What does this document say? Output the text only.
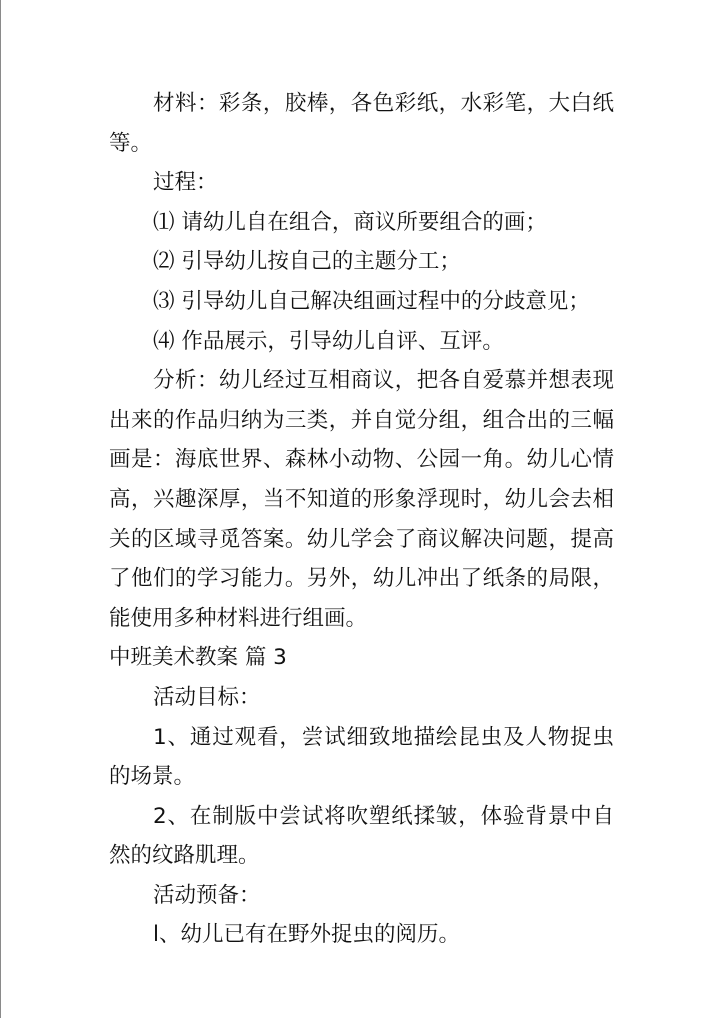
材料：彩条，胶棒，各色彩纸，水彩笔，大白纸等。

过程：

⑴ 请幼儿自在组合，商议所要组合的画；

⑵ 引导幼儿按自己的主题分工；

⑶ 引导幼儿自己解决组画过程中的分歧意见；

⑷ 作品展示，引导幼儿自评、互评。

分析：幼儿经过互相商议，把各自爱慕并想表现出来的作品归纳为三类，并自觉分组，组合出的三幅画是：海底世界、森林小动物、公园一角。幼儿心情高，兴趣深厚，当不知道的形象浮现时，幼儿会去相关的区域寻觅答案。幼儿学会了商议解决问题，提高了他们的学习能力。另外，幼儿冲出了纸条的局限，能使用多种材料进行组画。

中班美术教案 篇 3

活动目标：

1、通过观看，尝试细致地描绘昆虫及人物捉虫的场景。

2、在制版中尝试将吹塑纸揉皱，体验背景中自然的纹路肌理。

活动预备：

l、幼儿已有在野外捉虫的阅历。
